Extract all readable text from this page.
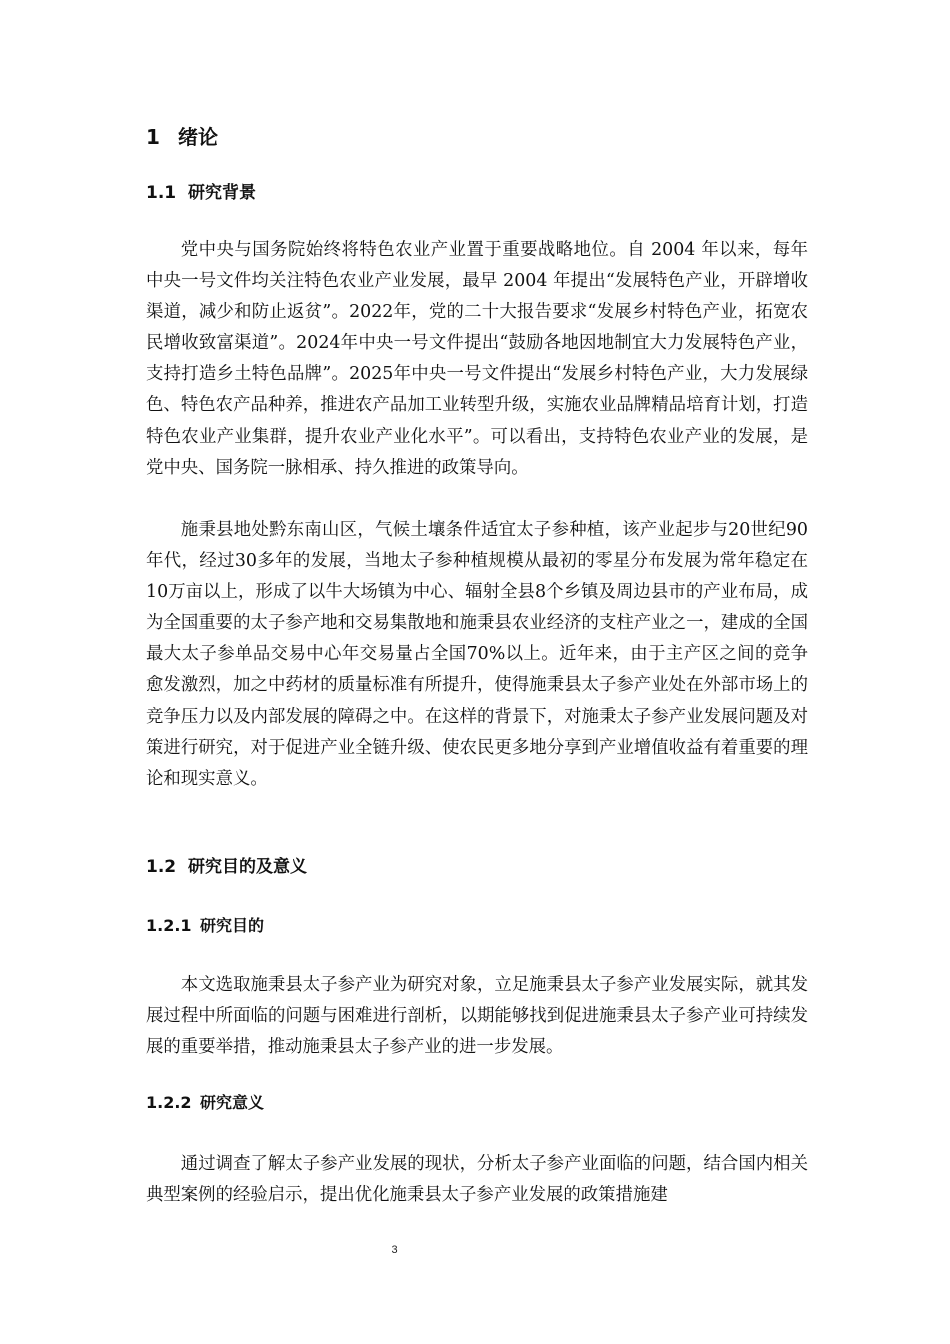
1 绪论
1.1 研究背景

党中央与国务院始终将特色农业产业置于重要战略地位。自 2004 年以来，每年中央一号文件均关注特色农业产业发展，最早 2004 年提出“发展特色产业，开辟增收渠道，减少和防止返贫”。2022年，党的二十大报告要求“发展乡村特色产业，拓宽农民增收致富渠道”。2024年中央一号文件提出“鼓励各地因地制宜大力发展特色产业，支持打造乡土特色品牌”。2025年中央一号文件提出“发展乡村特色产业，大力发展绿色、特色农产品种养，推进农产品加工业转型升级，实施农业品牌精品培育计划，打造特色农业产业集群，提升农业产业化水平”。可以看出，支持特色农业产业的发展，是党中央、国务院一脉相承、持久推进的政策导向。

施秉县地处黔东南山区，气候土壤条件适宜太子参种植，该产业起步与20世纪90年代，经过30多年的发展，当地太子参种植规模从最初的零星分布发展为常年稳定在10万亩以上，形成了以牛大场镇为中心、辐射全县8个乡镇及周边县市的产业布局，成为全国重要的太子参产地和交易集散地和施秉县农业经济的支柱产业之一，建成的全国最大太子参单品交易中心年交易量占全国70%以上。近年来，由于主产区之间的竞争愈发激烈，加之中药材的质量标准有所提升，使得施秉县太子参产业处在外部市场上的竞争压力以及内部发展的障碍之中。在这样的背景下，对施秉太子参产业发展问题及对策进行研究，对于促进产业全链升级、使农民更多地分享到产业增值收益有着重要的理论和现实意义。

1.2 研究目的及意义
1.2.1 研究目的

本文选取施秉县太子参产业为研究对象，立足施秉县太子参产业发展实际，就其发展过程中所面临的问题与困难进行剖析，以期能够找到促进施秉县太子参产业可持续发展的重要举措，推动施秉县太子参产业的进一步发展。

1.2.2 研究意义

通过调查了解太子参产业发展的现状，分析太子参产业面临的问题，结合国内相关典型案例的经验启示，提出优化施秉县太子参产业发展的政策措施建

3
